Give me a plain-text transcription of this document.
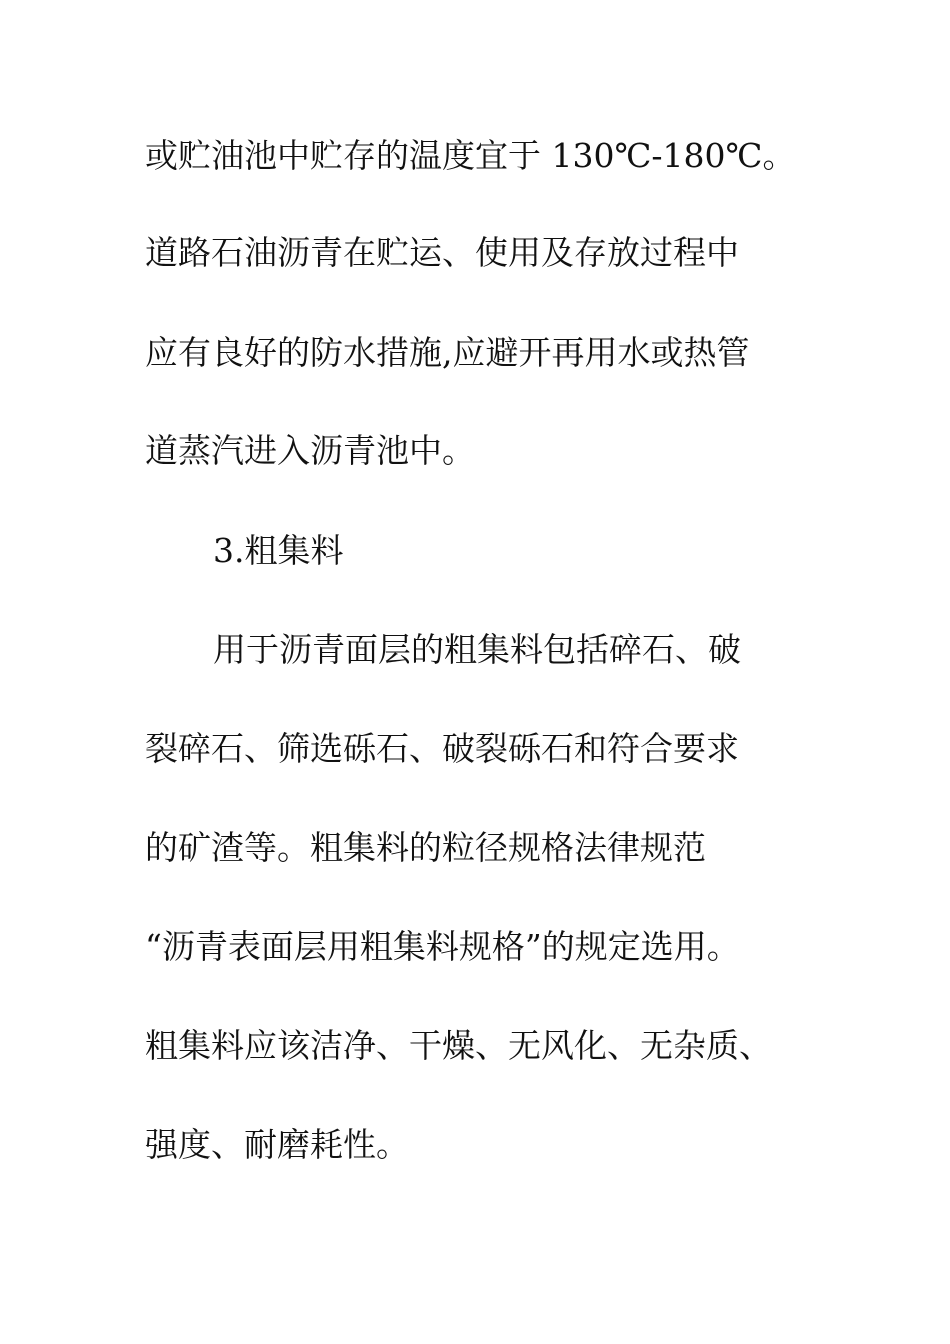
或贮油池中贮存的温度宜于 130℃-180℃。
道路石油沥青在贮运、使用及存放过程中
应有良好的防水措施,应避开再用水或热管
道蒸汽进入沥青池中。
3.粗集料
用于沥青面层的粗集料包括碎石、破
裂碎石、筛选砾石、破裂砾石和符合要求
的矿渣等。粗集料的粒径规格法律规范
“沥青表面层用粗集料规格”的规定选用。
粗集料应该洁净、干燥、无风化、无杂质、
强度、耐磨耗性。
